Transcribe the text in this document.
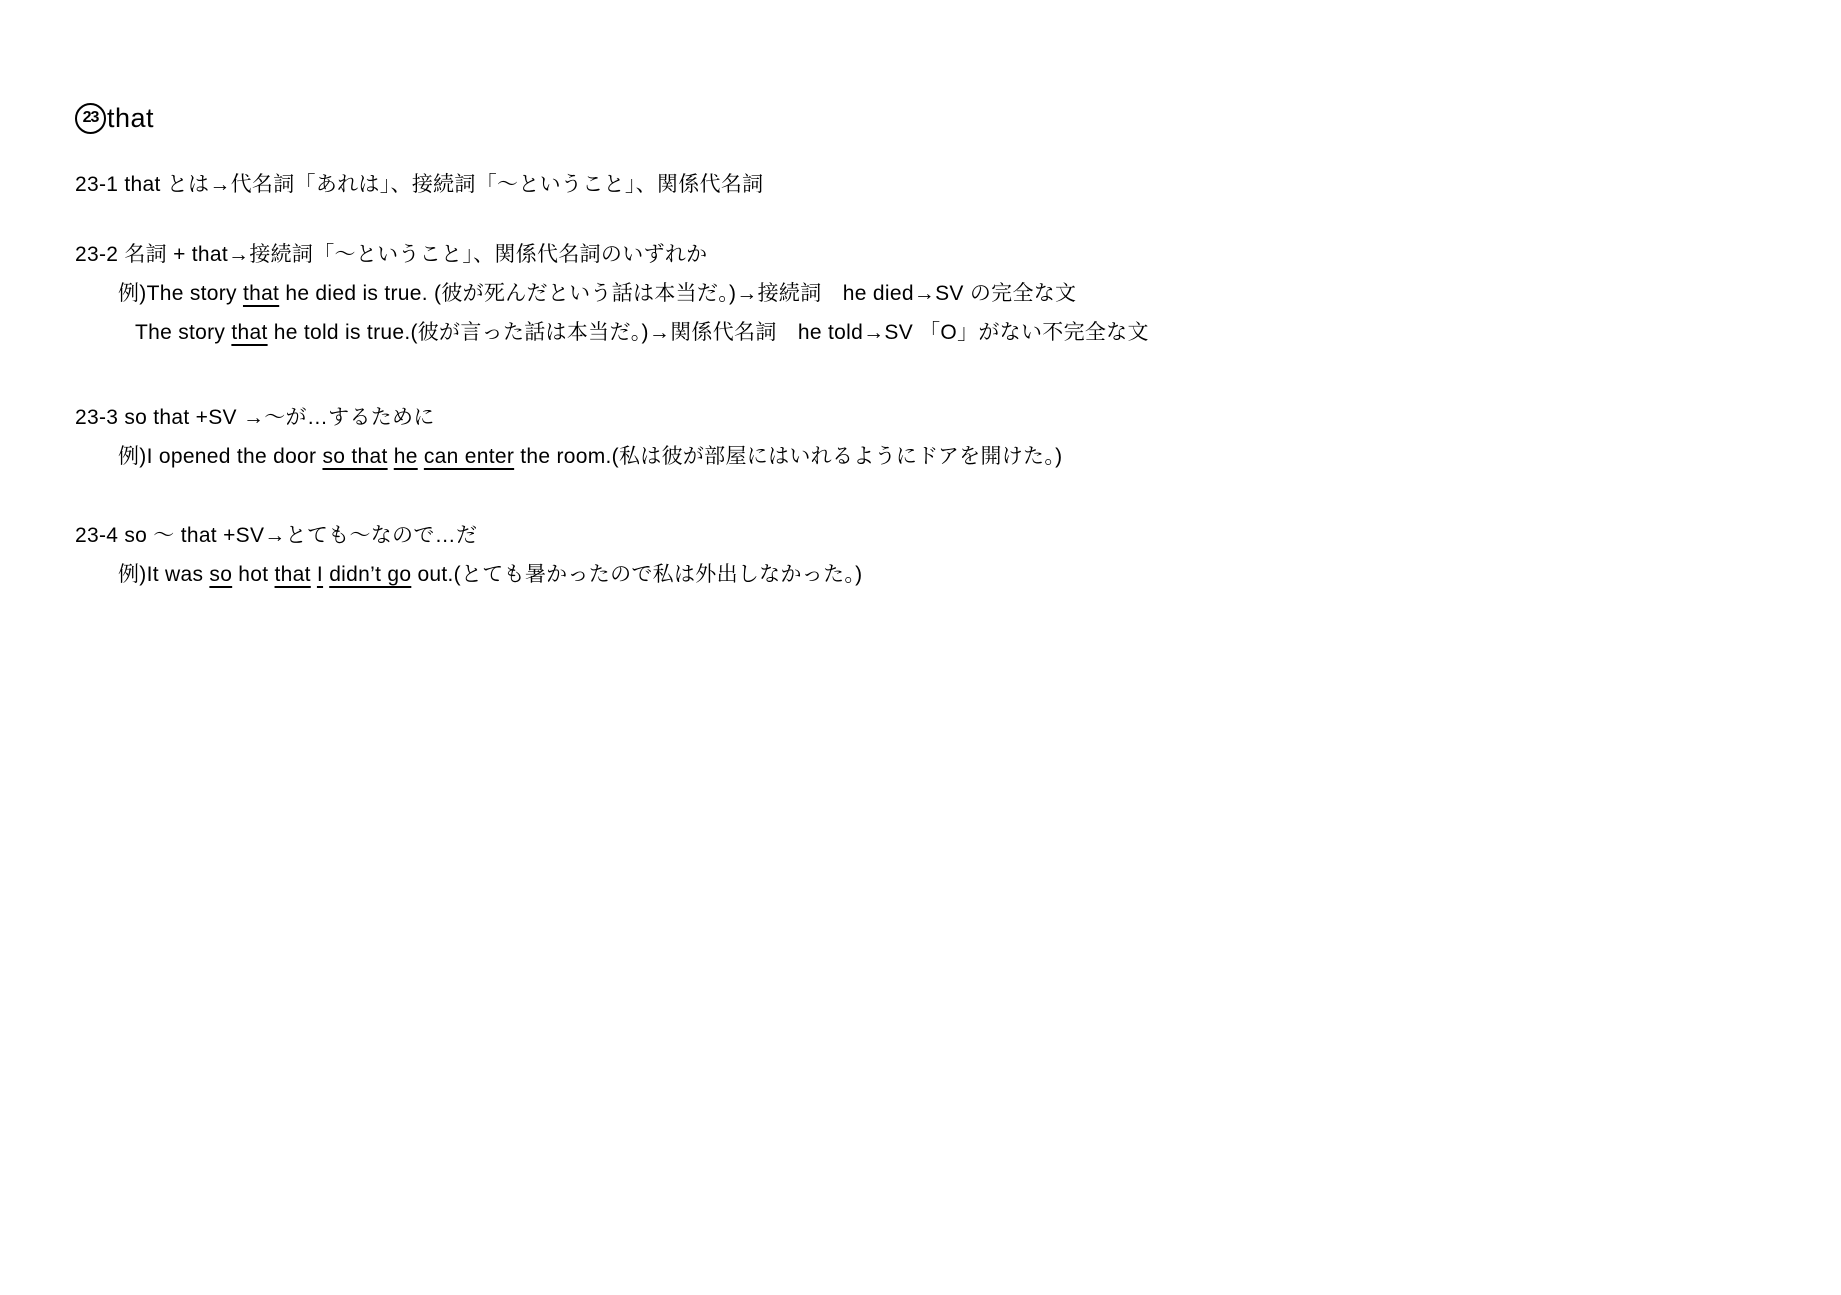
23 that
23-1 that とは→代名詞「あれは」、接続詞「～ということ」、関係代名詞
23-2 名詞 + that→接続詞「～ということ」、関係代名詞のいずれか
例)The story that he died is true. (彼が死んだという話は本当だ。)→接続詞　he died→SV の完全な文
The story that he told is true.(彼が言った話は本当だ。)→関係代名詞　he told→SV 「O」がない不完全な文
23-3 so that +SV →～が…するために
例)I opened the door so that he can enter the room.(私は彼が部屋にはいれるようにドアを開けた。)
23-4 so ～ that +SV→とても～なので…だ
例)It was so hot that I didn’t go out.(とても暑かったので私は外出しなかった。)
